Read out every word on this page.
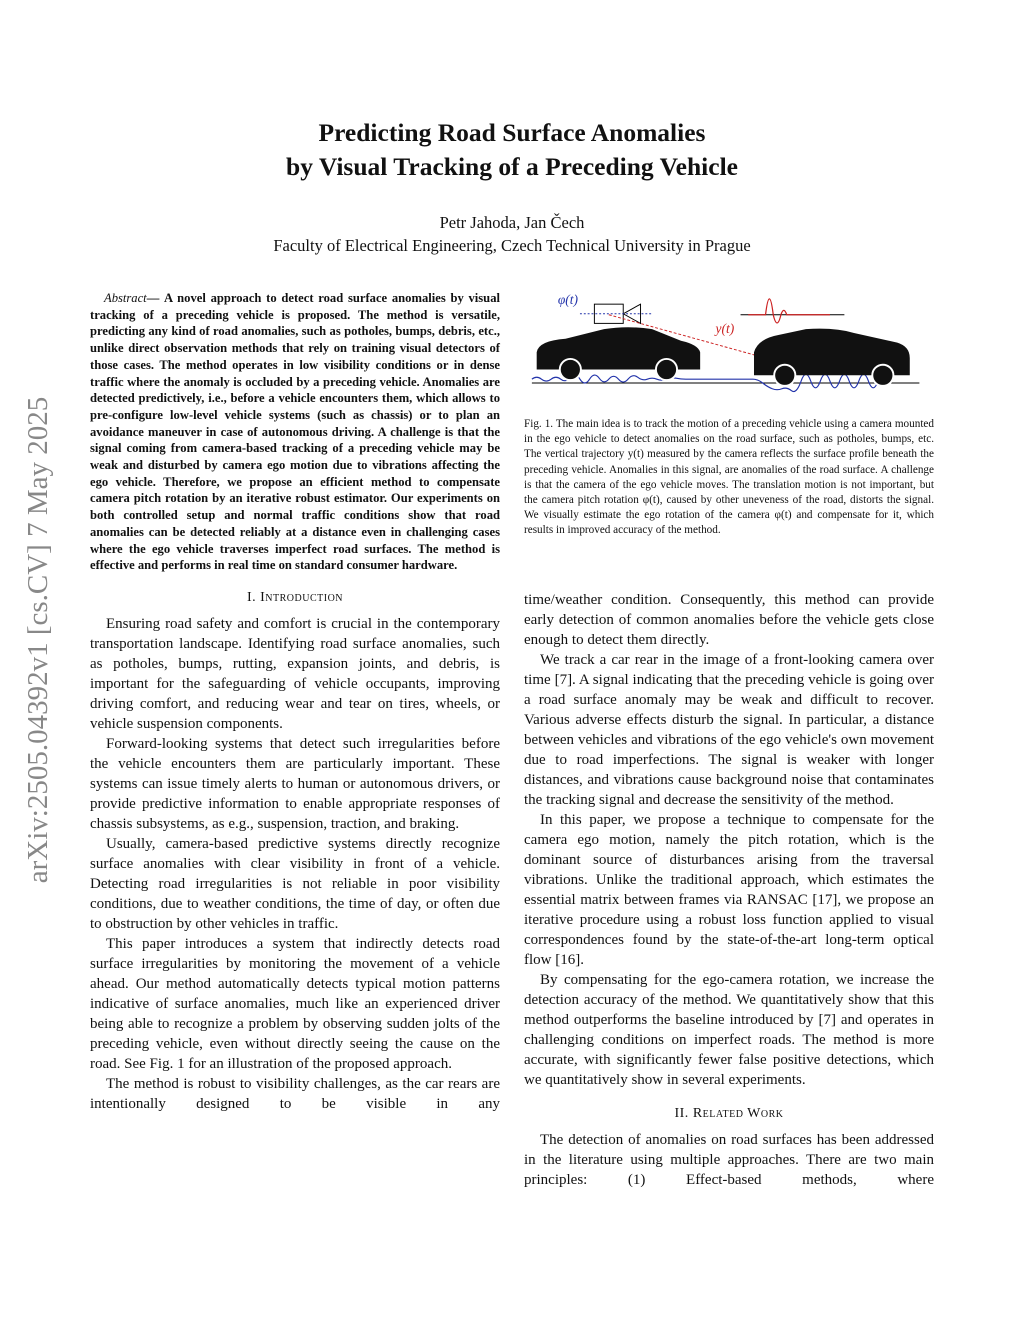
arXiv:2505.04392v1 [cs.CV] 7 May 2025
Predicting Road Surface Anomalies
by Visual Tracking of a Preceding Vehicle
Petr Jahoda, Jan Čech
Faculty of Electrical Engineering, Czech Technical University in Prague

Abstract— A novel approach to detect road surface anomalies by visual tracking of a preceding vehicle is proposed. The method is versatile, predicting any kind of road anomalies, such as potholes, bumps, debris, etc., unlike direct observation methods that rely on training visual detectors of those cases. The method operates in low visibility conditions or in dense traffic where the anomaly is occluded by a preceding vehicle. Anomalies are detected predictively, i.e., before a vehicle encounters them, which allows to pre-configure low-level vehicle systems (such as chassis) or to plan an avoidance maneuver in case of autonomous driving. A challenge is that the signal coming from camera-based tracking of a preceding vehicle may be weak and disturbed by camera ego motion due to vibrations affecting the ego vehicle. Therefore, we propose an efficient method to compensate camera pitch rotation by an iterative robust estimator. Our experiments on both controlled setup and normal traffic conditions show that road anomalies can be detected reliably at a distance even in challenging cases where the ego vehicle traverses imperfect road surfaces. The method is effective and performs in real time on standard consumer hardware.

I. Introduction

Ensuring road safety and comfort is crucial in the contemporary transportation landscape. Identifying road surface anomalies, such as potholes, bumps, rutting, expansion joints, and debris, is important for the safeguarding of vehicle occupants, improving driving comfort, and reducing wear and tear on tires, wheels, or vehicle suspension components.

Forward-looking systems that detect such irregularities before the vehicle encounters them are particularly important. These systems can issue timely alerts to human or autonomous drivers, or provide predictive information to enable appropriate responses of chassis subsystems, as e.g., suspension, traction, and braking.

Usually, camera-based predictive systems directly recognize surface anomalies with clear visibility in front of a vehicle. Detecting road irregularities is not reliable in poor visibility conditions, due to weather conditions, the time of day, or often due to obstruction by other vehicles in traffic.

This paper introduces a system that indirectly detects road surface irregularities by monitoring the movement of a vehicle ahead. Our method automatically detects typical motion patterns indicative of surface anomalies, much like an experienced driver being able to recognize a problem by observing sudden jolts of the preceding vehicle, even without directly seeing the cause on the road. See Fig. 1 for an illustration of the proposed approach.

The method is robust to visibility challenges, as the car rears are intentionally designed to be visible in any

φ(t)
y(t)

Fig. 1. The main idea is to track the motion of a preceding vehicle using a camera mounted in the ego vehicle to detect anomalies on the road surface, such as potholes, bumps, etc. The vertical trajectory y(t) measured by the camera reflects the surface profile beneath the preceding vehicle. Anomalies in this signal, are anomalies of the road surface. A challenge is that the camera of the ego vehicle moves. The translation motion is not important, but the camera pitch rotation φ(t), caused by other uneveness of the road, distorts the signal. We visually estimate the ego rotation of the camera φ(t) and compensate for it, which results in improved accuracy of the method.

time/weather condition. Consequently, this method can provide early detection of common anomalies before the vehicle gets close enough to detect them directly.

We track a car rear in the image of a front-looking camera over time [7]. A signal indicating that the preceding vehicle is going over a road surface anomaly may be weak and difficult to recover. Various adverse effects disturb the signal. In particular, a distance between vehicles and vibrations of the ego vehicle's own movement due to road imperfections. The signal is weaker with longer distances, and vibrations cause background noise that contaminates the tracking signal and decrease the sensitivity of the method.

In this paper, we propose a technique to compensate for the camera ego motion, namely the pitch rotation, which is the dominant source of disturbances arising from the traversal vibrations. Unlike the traditional approach, which estimates the essential matrix between frames via RANSAC [17], we propose an iterative procedure using a robust loss function applied to visual correspondences found by the state-of-the-art long-term optical flow [16].

By compensating for the ego-camera rotation, we increase the detection accuracy of the method. We quantitatively show that this method outperforms the baseline introduced by [7] and operates in challenging conditions on imperfect roads. The method is more accurate, with significantly fewer false positive detections, which we quantitatively show in several experiments.

II. Related Work

The detection of anomalies on road surfaces has been addressed in the literature using multiple approaches. There are two main principles: (1) Effect-based methods, where
